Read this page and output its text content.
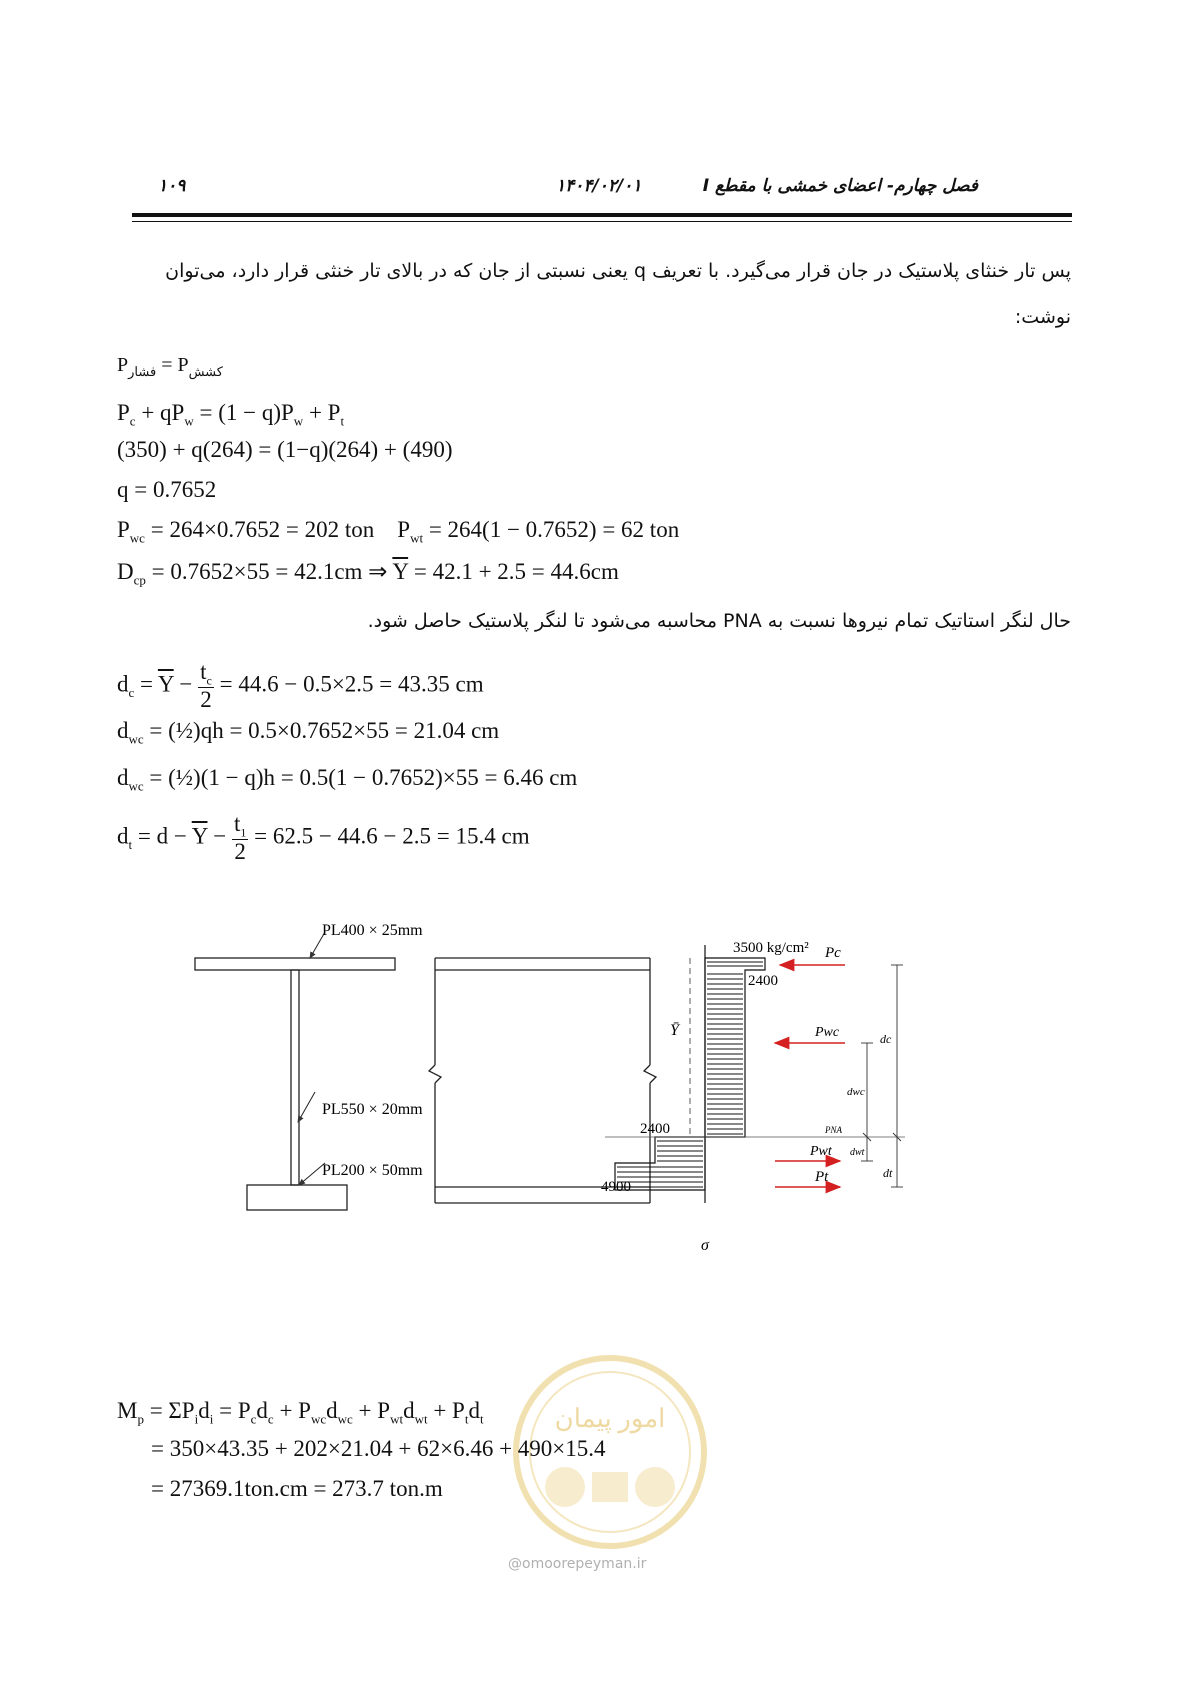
۱۰۹	۱۴۰۴/۰۲/۰۱	فصل چهارم- اعضای خمشی با مقطع I
پس تار خنثای پلاستیک در جان قرار می‌گیرد. با تعریف q یعنی نسبتی از جان که در بالای تار خنثی قرار دارد، می‌توان
نوشت:
$P_{فشار} = P_{کشش}$
$P_c + qP_w = (1 - q)P_w + P_t$
(350) + q(264) = (1−q)(264) + (490)
q = 0.7652
$P_{wc} = 264\times 0.7652 = 202$ ton    $P_{wt} = 264(1 - 0.7652) = 62$ ton
$D_{cp} = 0.7652\times 55 = 42.1cm$ ⇒ $\overline{Y} = 42.1 + 2.5 = 44.6cm$
حال لنگر استاتیک تمام نیروها نسبت به PNA محاسبه می‌شود تا لنگر پلاستیک حاصل شود.
$d_c = \overline{Y} - \frac{t_c}{2} = 44.6 - 0.5\times 2.5 = 43.35$ cm
$d_{wc}$ = (½)qh = 0.5×0.7652×55 = 21.04 cm
$d_{wc}$ = (½)(1 − q)h = 0.5(1 − 0.7652)×55 = 6.46 cm
$d_t = d - \overline{Y} - \frac{t_1}{2} = 62.5 - 44.6 - 2.5 = 15.4$ cm
PL400 × 25mm
PL550 × 20mm
PL200 × 50mm
Ȳ
PNA
3500 kg/cm²
2400
2400
4900
σ
Pc
Pwc
Pwt
Pt
dc
dwc
dwt
dt
امور پیمان
@omoorepeyman.ir
$M_p = \Sigma P_id_i = P_cd_c + P_{wc}d_{wc} + P_{wt}d_{wt} + P_td_t$
= 350×43.35 + 202×21.04 + 62×6.46 + 490×15.4
= 27369.1ton.cm = 273.7 ton.m
